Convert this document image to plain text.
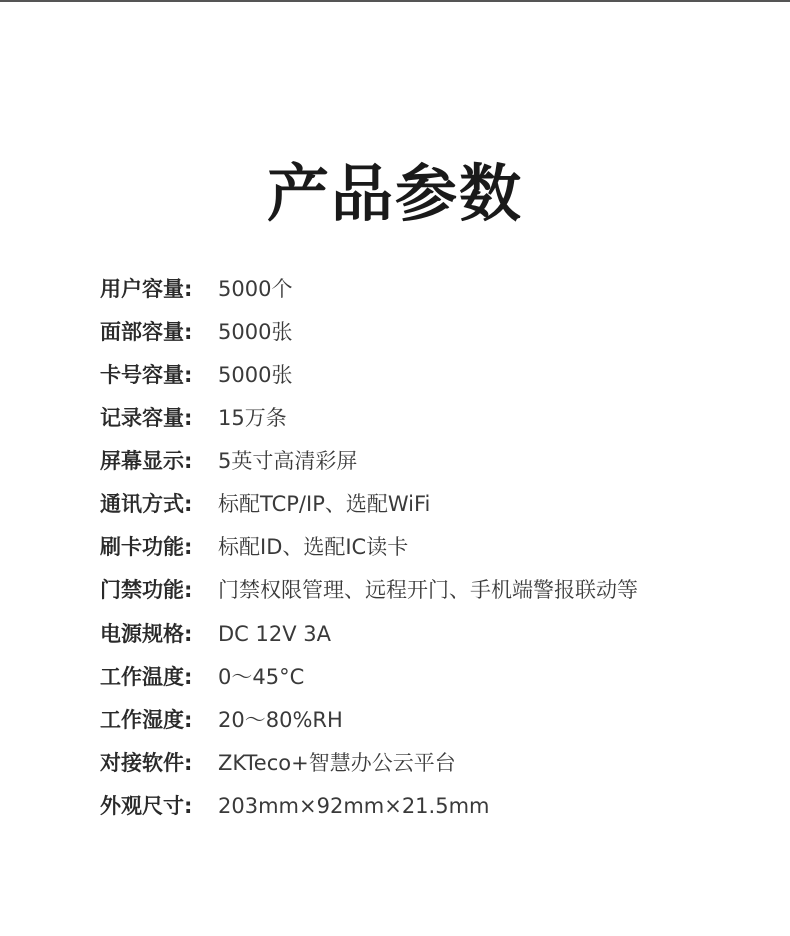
产品参数
用户容量:	5000个
面部容量:	5000张
卡号容量:	5000张
记录容量:	15万条
屏幕显示:	5英寸高清彩屏
通讯方式:	标配TCP/IP、选配WiFi
刷卡功能:	标配ID、选配IC读卡
门禁功能:	门禁权限管理、远程开门、手机端警报联动等
电源规格:	DC 12V 3A
工作温度:	0～45°C
工作湿度:	20～80%RH
对接软件:	ZKTeco+智慧办公云平台
外观尺寸:	203mm×92mm×21.5mm
